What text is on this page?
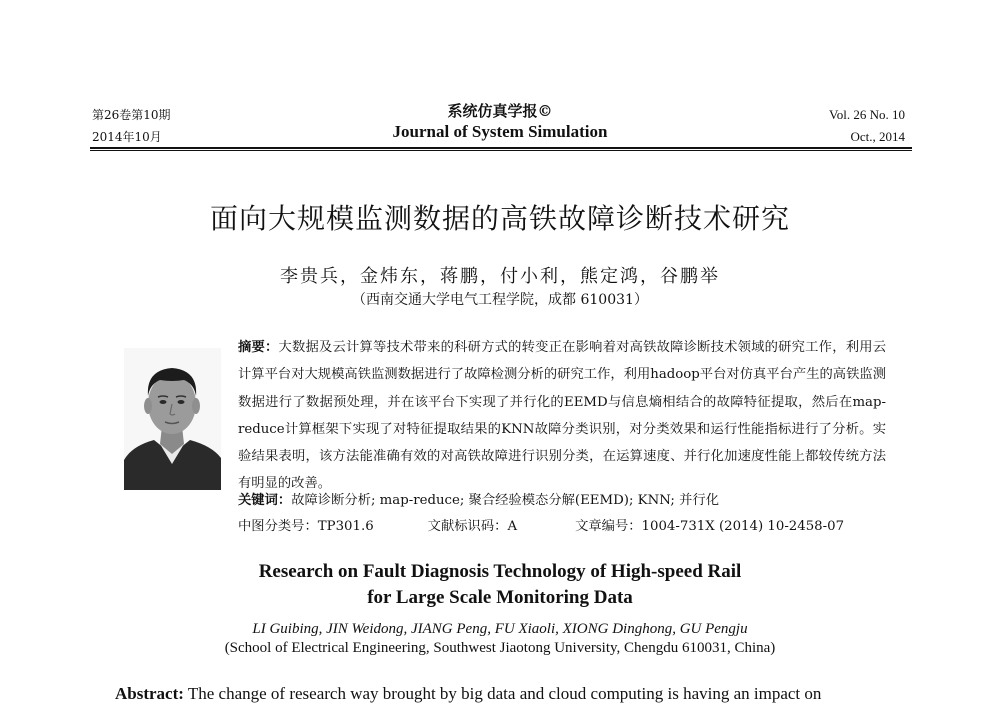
第26卷第10期
2014年10月
系统仿真学报©
Journal of System Simulation
Vol. 26 No. 10
Oct., 2014
面向大规模监测数据的高铁故障诊断技术研究
李贵兵，金炜东，蒋鹏，付小利，熊定鸿，谷鹏举
（西南交通大学电气工程学院，成都 610031）
摘要：大数据及云计算等技术带来的科研方式的转变正在影响着对高铁故障诊断技术领域的研究工作，利用云计算平台对大规模高铁监测数据进行了故障检测分析的研究工作，利用hadoop平台对仿真平台产生的高铁监测数据进行了数据预处理，并在该平台下实现了并行化的EEMD与信息熵相结合的故障特征提取，然后在map-reduce计算框架下实现了对特征提取结果的KNN故障分类识别，对分类效果和运行性能指标进行了分析。实验结果表明，该方法能准确有效的对高铁故障进行识别分类，在运算速度、并行化加速度性能上都较传统方法有明显的改善。
关键词：故障诊断分析; map-reduce; 聚合经验模态分解(EEMD); KNN; 并行化
中图分类号：TP301.6	文献标识码：A	文章编号：1004-731X (2014) 10-2458-07
Research on Fault Diagnosis Technology of High-speed Rail
for Large Scale Monitoring Data
LI Guibing, JIN Weidong, JIANG Peng, FU Xiaoli, XIONG Dinghong, GU Pengju
(School of Electrical Engineering, Southwest Jiaotong University, Chengdu 610031, China)
Abstract: The change of research way brought by big data and cloud computing is having an impact on
